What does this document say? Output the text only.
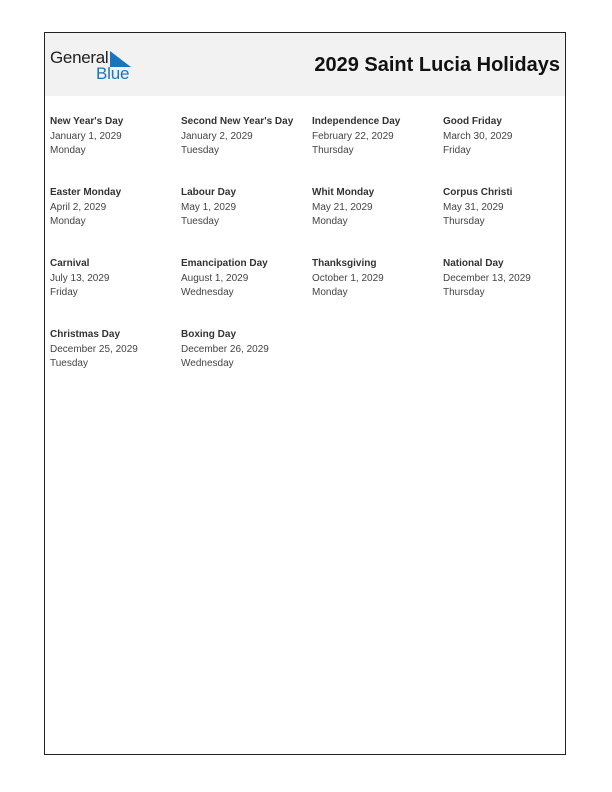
General
Blue	2029 Saint Lucia Holidays
New Year's Day
January 1, 2029
Monday
Second New Year's Day
January 2, 2029
Tuesday
Independence Day
February 22, 2029
Thursday
Good Friday
March 30, 2029
Friday
Easter Monday
April 2, 2029
Monday
Labour Day
May 1, 2029
Tuesday
Whit Monday
May 21, 2029
Monday
Corpus Christi
May 31, 2029
Thursday
Carnival
July 13, 2029
Friday
Emancipation Day
August 1, 2029
Wednesday
Thanksgiving
October 1, 2029
Monday
National Day
December 13, 2029
Thursday
Christmas Day
December 25, 2029
Tuesday
Boxing Day
December 26, 2029
Wednesday
